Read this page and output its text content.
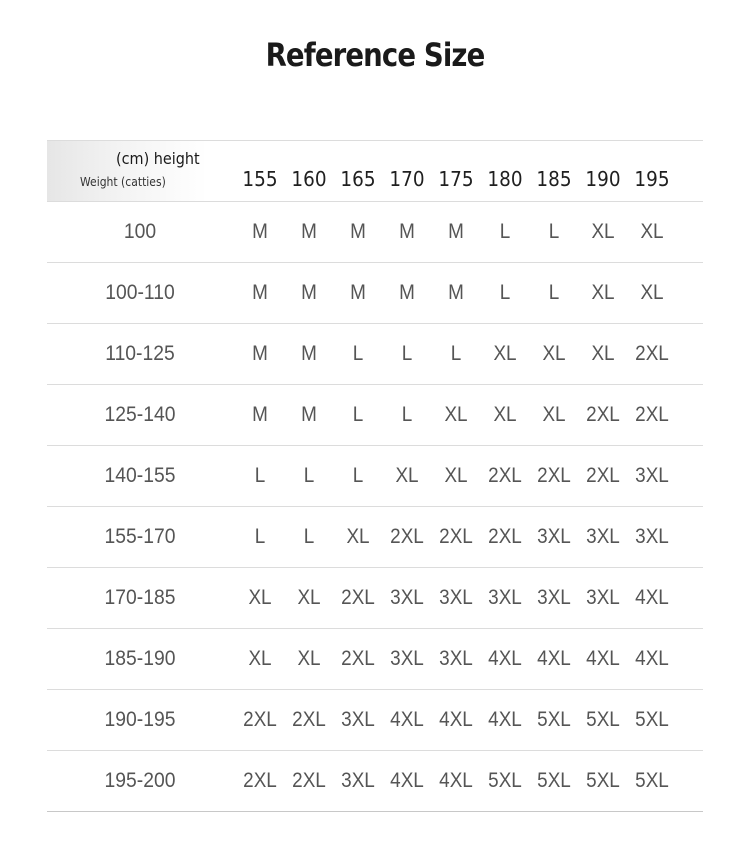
Reference Size
(cm) height
Weight (catties)	155 160 165 170 175 180 185 190 195
100	M	M	M	M	M	L	L	XL	XL
100-110	M	M	M	M	M	L	L	XL	XL
110-125	M	M	L	L	L	XL	XL	XL 2XL
125-140	M	M	L	L	XL	XL	XL 2XL 2XL
140-155	L	L	L	XL	XL 2XL 2XL 2XL 3XL
155-170	L	L	XL 2XL 2XL 2XL 3XL 3XL 3XL
170-185	XL	XL 2XL 3XL 3XL 3XL 3XL 3XL 4XL
185-190	XL	XL 2XL 3XL 3XL 4XL 4XL 4XL 4XL
190-195	2XL 2XL 3XL 4XL 4XL 4XL 5XL 5XL 5XL
195-200	2XL 2XL 3XL 4XL 4XL 5XL 5XL 5XL 5XL
